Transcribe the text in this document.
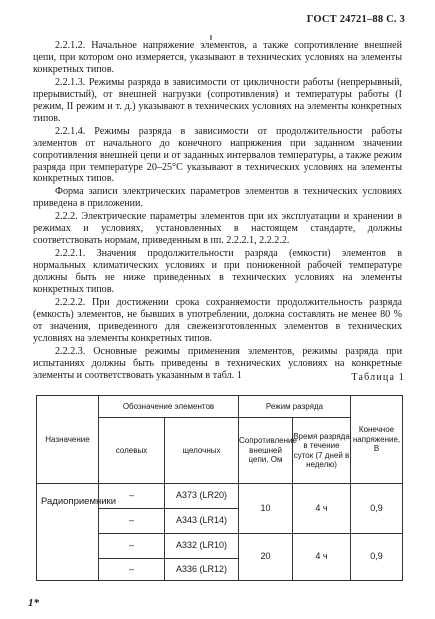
ГОСТ 24721–88 С. 3

2.2.1.2. Начальное напряжение элементов, а также сопротивление внешней цепи, при котором оно измеряется, указывают в технических условиях на элементы конкретных типов.

2.2.1.3. Режимы разряда в зависимости от цикличности работы (непрерывный, прерывистый), от внешней нагрузки (сопротивления) и температуры работы (I режим, II режим и т. д.) указывают в технических условиях на элементы конкретных типов.

2.2.1.4. Режимы разряда в зависимости от продолжительности работы элементов от начального до конечного напряжения при заданном значении сопротивления внешней цепи и от заданных интервалов температуры, а также режим разряда при температуре 20–25°С указывают в технических условиях на элементы конкретных типов.

Форма записи электрических параметров элементов в технических условиях приведена в приложении.

2.2.2. Электрические параметры элементов при их эксплуатации и хранении в режимах и условиях, установленных в настоящем стандарте, должны соответствовать нормам, приведенным в пп. 2.2.2.1, 2.2.2.2.

2.2.2.1. Значения продолжительности разряда (емкости) элементов в нормальных климатических условиях и при пониженной рабочей температуре должны быть не ниже приведенных в технических условиях на элементы конкретных типов.

2.2.2.2. При достижении срока сохраняемости продолжительность разряда (емкость) элементов, не бывших в употреблении, должна составлять не менее 80 % от значения, приведенного для свежеизготовленных элементов в технических условиях на элементы конкретных типов.

2.2.2.3. Основные режимы применения элементов, режимы разряда при испытаниях должны быть приведены в технических условиях на конкретные элементы и соответствовать указанным в табл. 1	Таблица 1
Назначение	Обозначение элементов		Режим разряда		Конечное напряжение, В
	солевых	щелочных	Сопротивление внешней цепи, Ом	Время разряда в течение суток (7 дней в неделю)	
Радиоприемники	–	А373 (LR20)	10	4 ч	0,9
	–	А343 (LR14)			
	–	А332 (LR10)	20	4 ч	0,9
	–	А336 (LR12)			
1*
